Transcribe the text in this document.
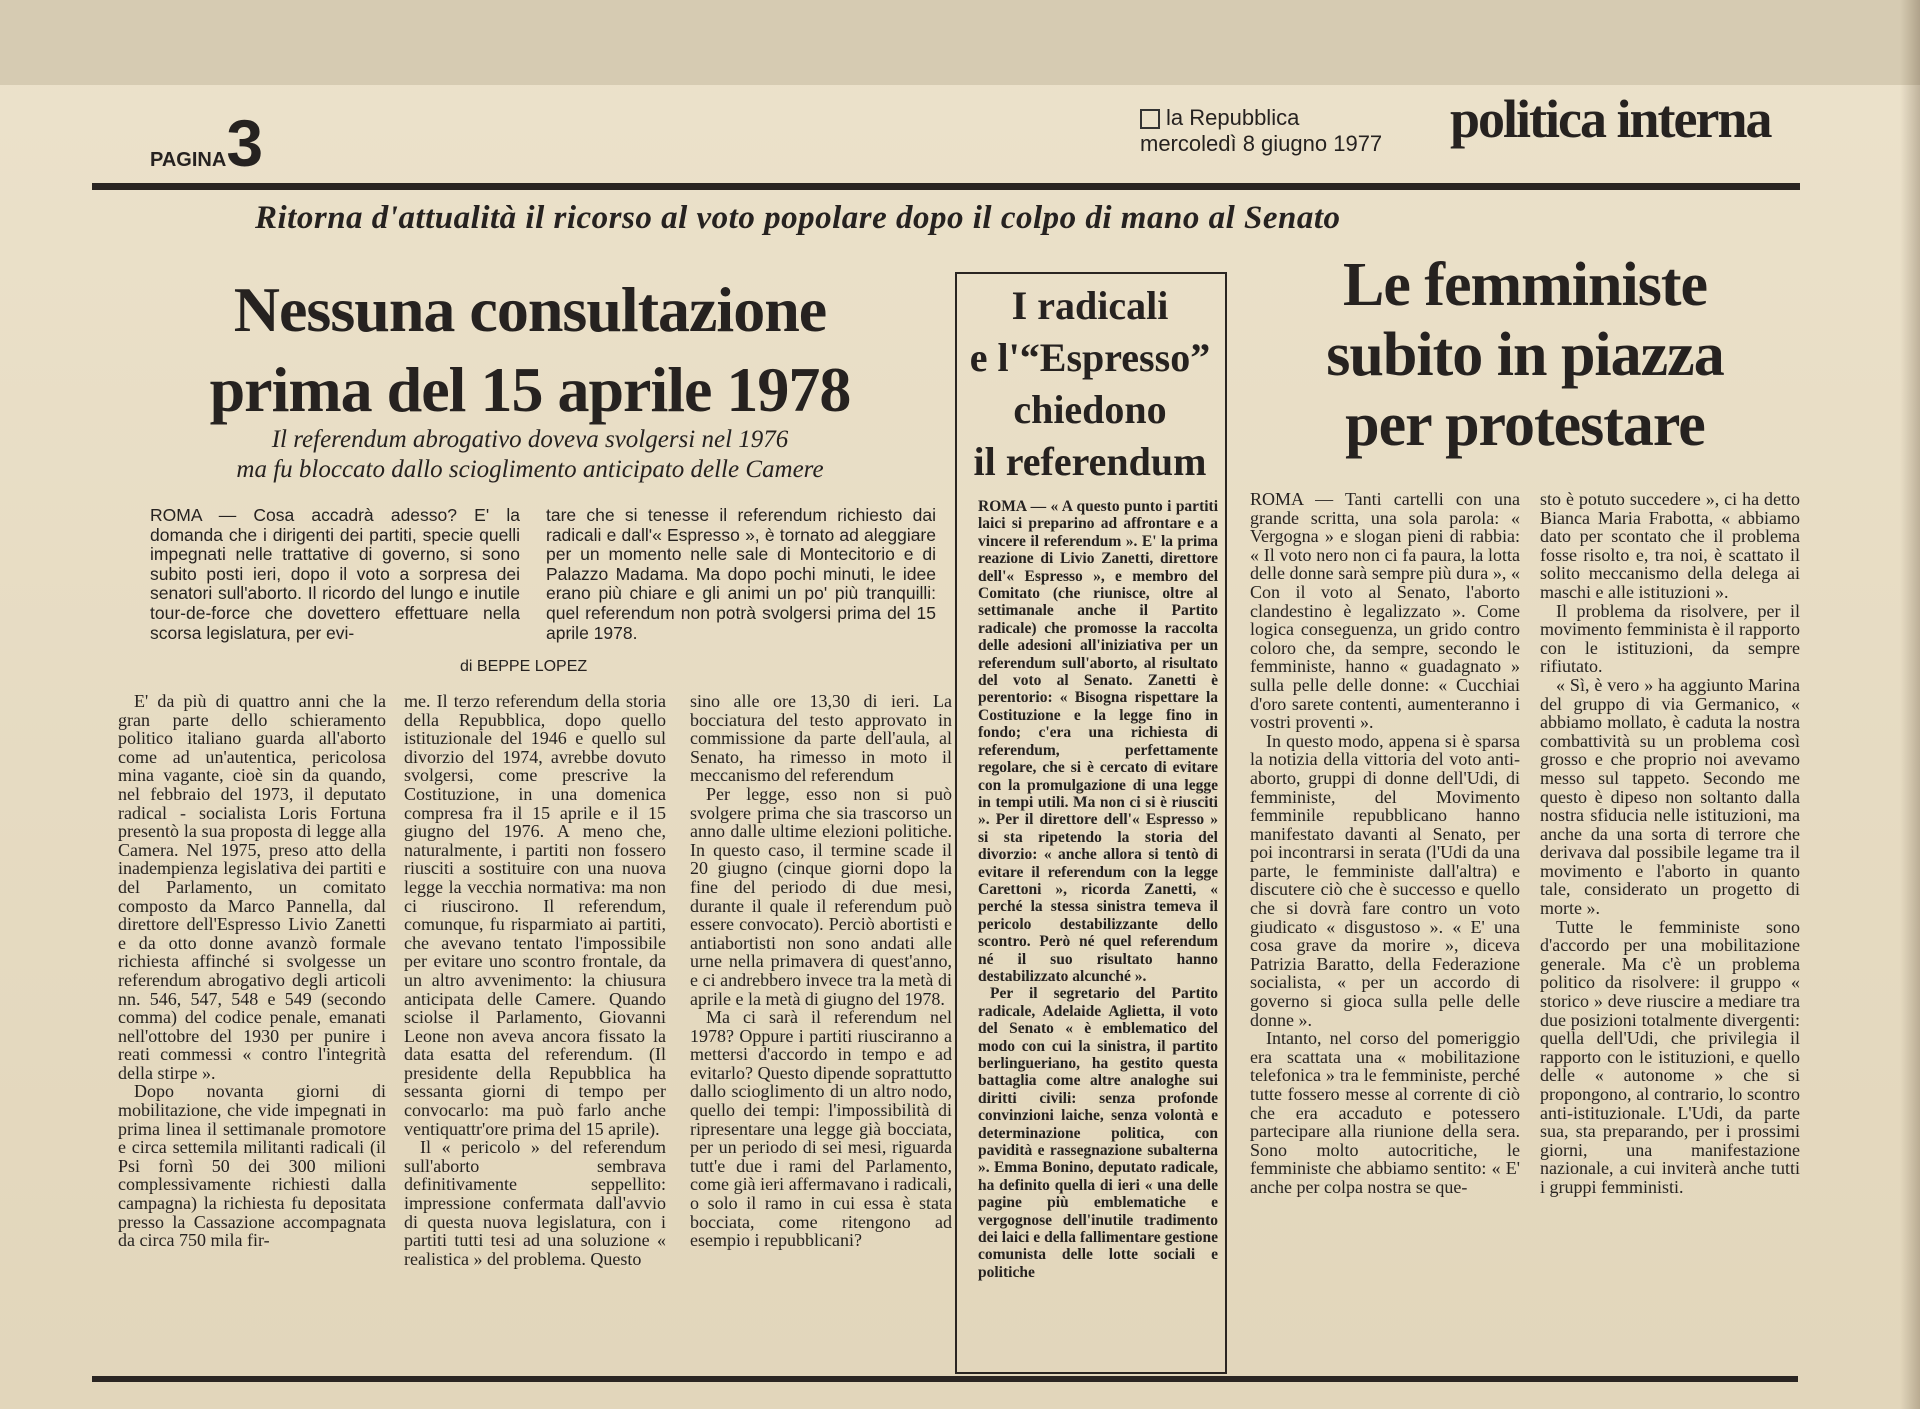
PAGINA3	la Repubblica
mercoledì 8 giugno 1977 politica interna
Ritorna d'attualità il ricorso al voto popolare dopo il colpo di mano al Senato
Nessuna consultazione
prima del 15 aprile 1978
Il referendum abrogativo doveva svolgersi nel 1976
ma fu bloccato dallo scioglimento anticipato delle Camere
ROMA — Cosa accadrà adesso? E' la domanda che i dirigenti dei partiti, specie quelli impegnati nelle trattative di governo, si sono subito posti ieri, dopo il voto a sorpresa dei senatori sull'aborto. Il ricordo del lungo e inutile tour-de-force che dovettero effettuare nella scorsa legislatura, per evi-
tare che si tenesse il referendum richiesto dai radicali e dall'« Espresso », è tornato ad aleggiare per un momento nelle sale di Montecitorio e di Palazzo Madama. Ma dopo pochi minuti, le idee erano più chiare e gli animi un po' più tranquilli: quel referendum non potrà svolgersi prima del 15 aprile 1978.
di BEPPE LOPEZ

E' da più di quattro anni che la gran parte dello schieramento politico italiano guarda all'aborto come ad un'autentica, pericolosa mina vagante, cioè sin da quando, nel febbraio del 1973, il deputato radical - socialista Loris Fortuna presentò la sua proposta di legge alla Camera. Nel 1975, preso atto della inadempienza legislativa dei partiti e del Parlamento, un comitato composto da Marco Pannella, dal direttore dell'Espresso Livio Zanetti e da otto donne avanzò formale richiesta affinché si svolgesse un referendum abrogativo degli articoli nn. 546, 547, 548 e 549 (secondo comma) del codice penale, emanati nell'ottobre del 1930 per punire i reati commessi « contro l'integrità della stirpe ».

Dopo novanta giorni di mobilitazione, che vide impegnati in prima linea il settimanale promotore e circa settemila militanti radicali (il Psi fornì 50 dei 300 milioni complessivamente richiesti dalla campagna) la richiesta fu depositata presso la Cassazione accompagnata da circa 750 mila fir-

me. Il terzo referendum della storia della Repubblica, dopo quello istituzionale del 1946 e quello sul divorzio del 1974, avrebbe dovuto svolgersi, come prescrive la Costituzione, in una domenica compresa fra il 15 aprile e il 15 giugno del 1976. A meno che, naturalmente, i partiti non fossero riusciti a sostituire con una nuova legge la vecchia normativa: ma non ci riuscirono. Il referendum, comunque, fu risparmiato ai partiti, che avevano tentato l'impossibile per evitare uno scontro frontale, da un altro avvenimento: la chiusura anticipata delle Camere. Quando sciolse il Parlamento, Giovanni Leone non aveva ancora fissato la data esatta del referendum. (Il presidente della Repubblica ha sessanta giorni di tempo per convocarlo: ma può farlo anche ventiquattr'ore prima del 15 aprile).

Il « pericolo » del referendum sull'aborto sembrava definitivamente seppellito: impressione confermata dall'avvio di questa nuova legislatura, con i partiti tutti tesi ad una soluzione « realistica » del problema. Questo

sino alle ore 13,30 di ieri. La bocciatura del testo approvato in commissione da parte dell'aula, al Senato, ha rimesso in moto il meccanismo del referendum

Per legge, esso non si può svolgere prima che sia trascorso un anno dalle ultime elezioni politiche. In questo caso, il termine scade il 20 giugno (cinque giorni dopo la fine del periodo di due mesi, durante il quale il referendum può essere convocato). Perciò abortisti e antiabortisti non sono andati alle urne nella primavera di quest'anno, e ci andrebbero invece tra la metà di aprile e la metà di giugno del 1978.

Ma ci sarà il referendum nel 1978? Oppure i partiti riusciranno a mettersi d'accordo in tempo e ad evitarlo? Questo dipende soprattutto dallo scioglimento di un altro nodo, quello dei tempi: l'impossibilità di ripresentare una legge già bocciata, per un periodo di sei mesi, riguarda tutt'e due i rami del Parlamento, come già ieri affermavano i radicali, o solo il ramo in cui essa è stata bocciata, come ritengono ad esempio i repubblicani?

I radicali
e l'“Espresso”
chiedono
il referendum

ROMA — « A questo punto i partiti laici si preparino ad affrontare e a vincere il referendum ». E' la prima reazione di Livio Zanetti, direttore dell'« Espresso », e membro del Comitato (che riunisce, oltre al settimanale anche il Partito radicale) che promosse la raccolta delle adesioni all'iniziativa per un referendum sull'aborto, al risultato del voto al Senato. Zanetti è perentorio: « Bisogna rispettare la Costituzione e la legge fino in fondo; c'era una richiesta di referendum, perfettamente regolare, che si è cercato di evitare con la promulgazione di una legge in tempi utili. Ma non ci si è riusciti ». Per il direttore dell'« Espresso » si sta ripetendo la storia del divorzio: « anche allora si tentò di evitare il referendum con la legge Carettoni », ricorda Zanetti, « perché la stessa sinistra temeva il pericolo destabilizzante dello scontro. Però né quel referendum né il suo risultato hanno destabilizzato alcunché ».

Per il segretario del Partito radicale, Adelaide Aglietta, il voto del Senato « è emblematico del modo con cui la sinistra, il partito berlingueriano, ha gestito questa battaglia come altre analoghe sui diritti civili: senza profonde convinzioni laiche, senza volontà e determinazione politica, con pavidità e rassegnazione subalterna ». Emma Bonino, deputato radicale, ha definito quella di ieri « una delle pagine più emblematiche e vergognose dell'inutile tradimento dei laici e della fallimentare gestione comunista delle lotte sociali e politiche

Le femministe
subito in piazza
per protestare

ROMA — Tanti cartelli con una grande scritta, una sola parola: « Vergogna » e slogan pieni di rabbia: « Il voto nero non ci fa paura, la lotta delle donne sarà sempre più dura », « Con il voto al Senato, l'aborto clandestino è legalizzato ». Come logica conseguenza, un grido contro coloro che, da sempre, secondo le femministe, hanno « guadagnato » sulla pelle delle donne: « Cucchiai d'oro sarete contenti, aumenteranno i vostri proventi ».

In questo modo, appena si è sparsa la notizia della vittoria del voto anti-aborto, gruppi di donne dell'Udi, di femministe, del Movimento femminile repubblicano hanno manifestato davanti al Senato, per poi incontrarsi in serata (l'Udi da una parte, le femministe dall'altra) e discutere ciò che è successo e quello che si dovrà fare contro un voto giudicato « disgustoso ». « E' una cosa grave da morire », diceva Patrizia Baratto, della Federazione socialista, « per un accordo di governo si gioca sulla pelle delle donne ».

Intanto, nel corso del pomeriggio era scattata una « mobilitazione telefonica » tra le femministe, perché tutte fossero messe al corrente di ciò che era accaduto e potessero partecipare alla riunione della sera. Sono molto autocritiche, le femministe che abbiamo sentito: « E' anche per colpa nostra se que-

sto è potuto succedere », ci ha detto Bianca Maria Frabotta, « abbiamo dato per scontato che il problema fosse risolto e, tra noi, è scattato il solito meccanismo della delega ai maschi e alle istituzioni ».

Il problema da risolvere, per il movimento femminista è il rapporto con le istituzioni, da sempre rifiutato.

« Sì, è vero » ha aggiunto Marina del gruppo di via Germanico, « abbiamo mollato, è caduta la nostra combattività su un problema così grosso e che proprio noi avevamo messo sul tappeto. Secondo me questo è dipeso non soltanto dalla nostra sfiducia nelle istituzioni, ma anche da una sorta di terrore che derivava dal possibile legame tra il movimento e l'aborto in quanto tale, considerato un progetto di morte ».

Tutte le femministe sono d'accordo per una mobilitazione generale. Ma c'è un problema politico da risolvere: il gruppo « storico » deve riuscire a mediare tra due posizioni totalmente divergenti: quella dell'Udi, che privilegia il rapporto con le istituzioni, e quello delle « autonome » che si propongono, al contrario, lo scontro anti-istituzionale. L'Udi, da parte sua, sta preparando, per i prossimi giorni, una manifestazione nazionale, a cui inviterà anche tutti i gruppi femministi.
